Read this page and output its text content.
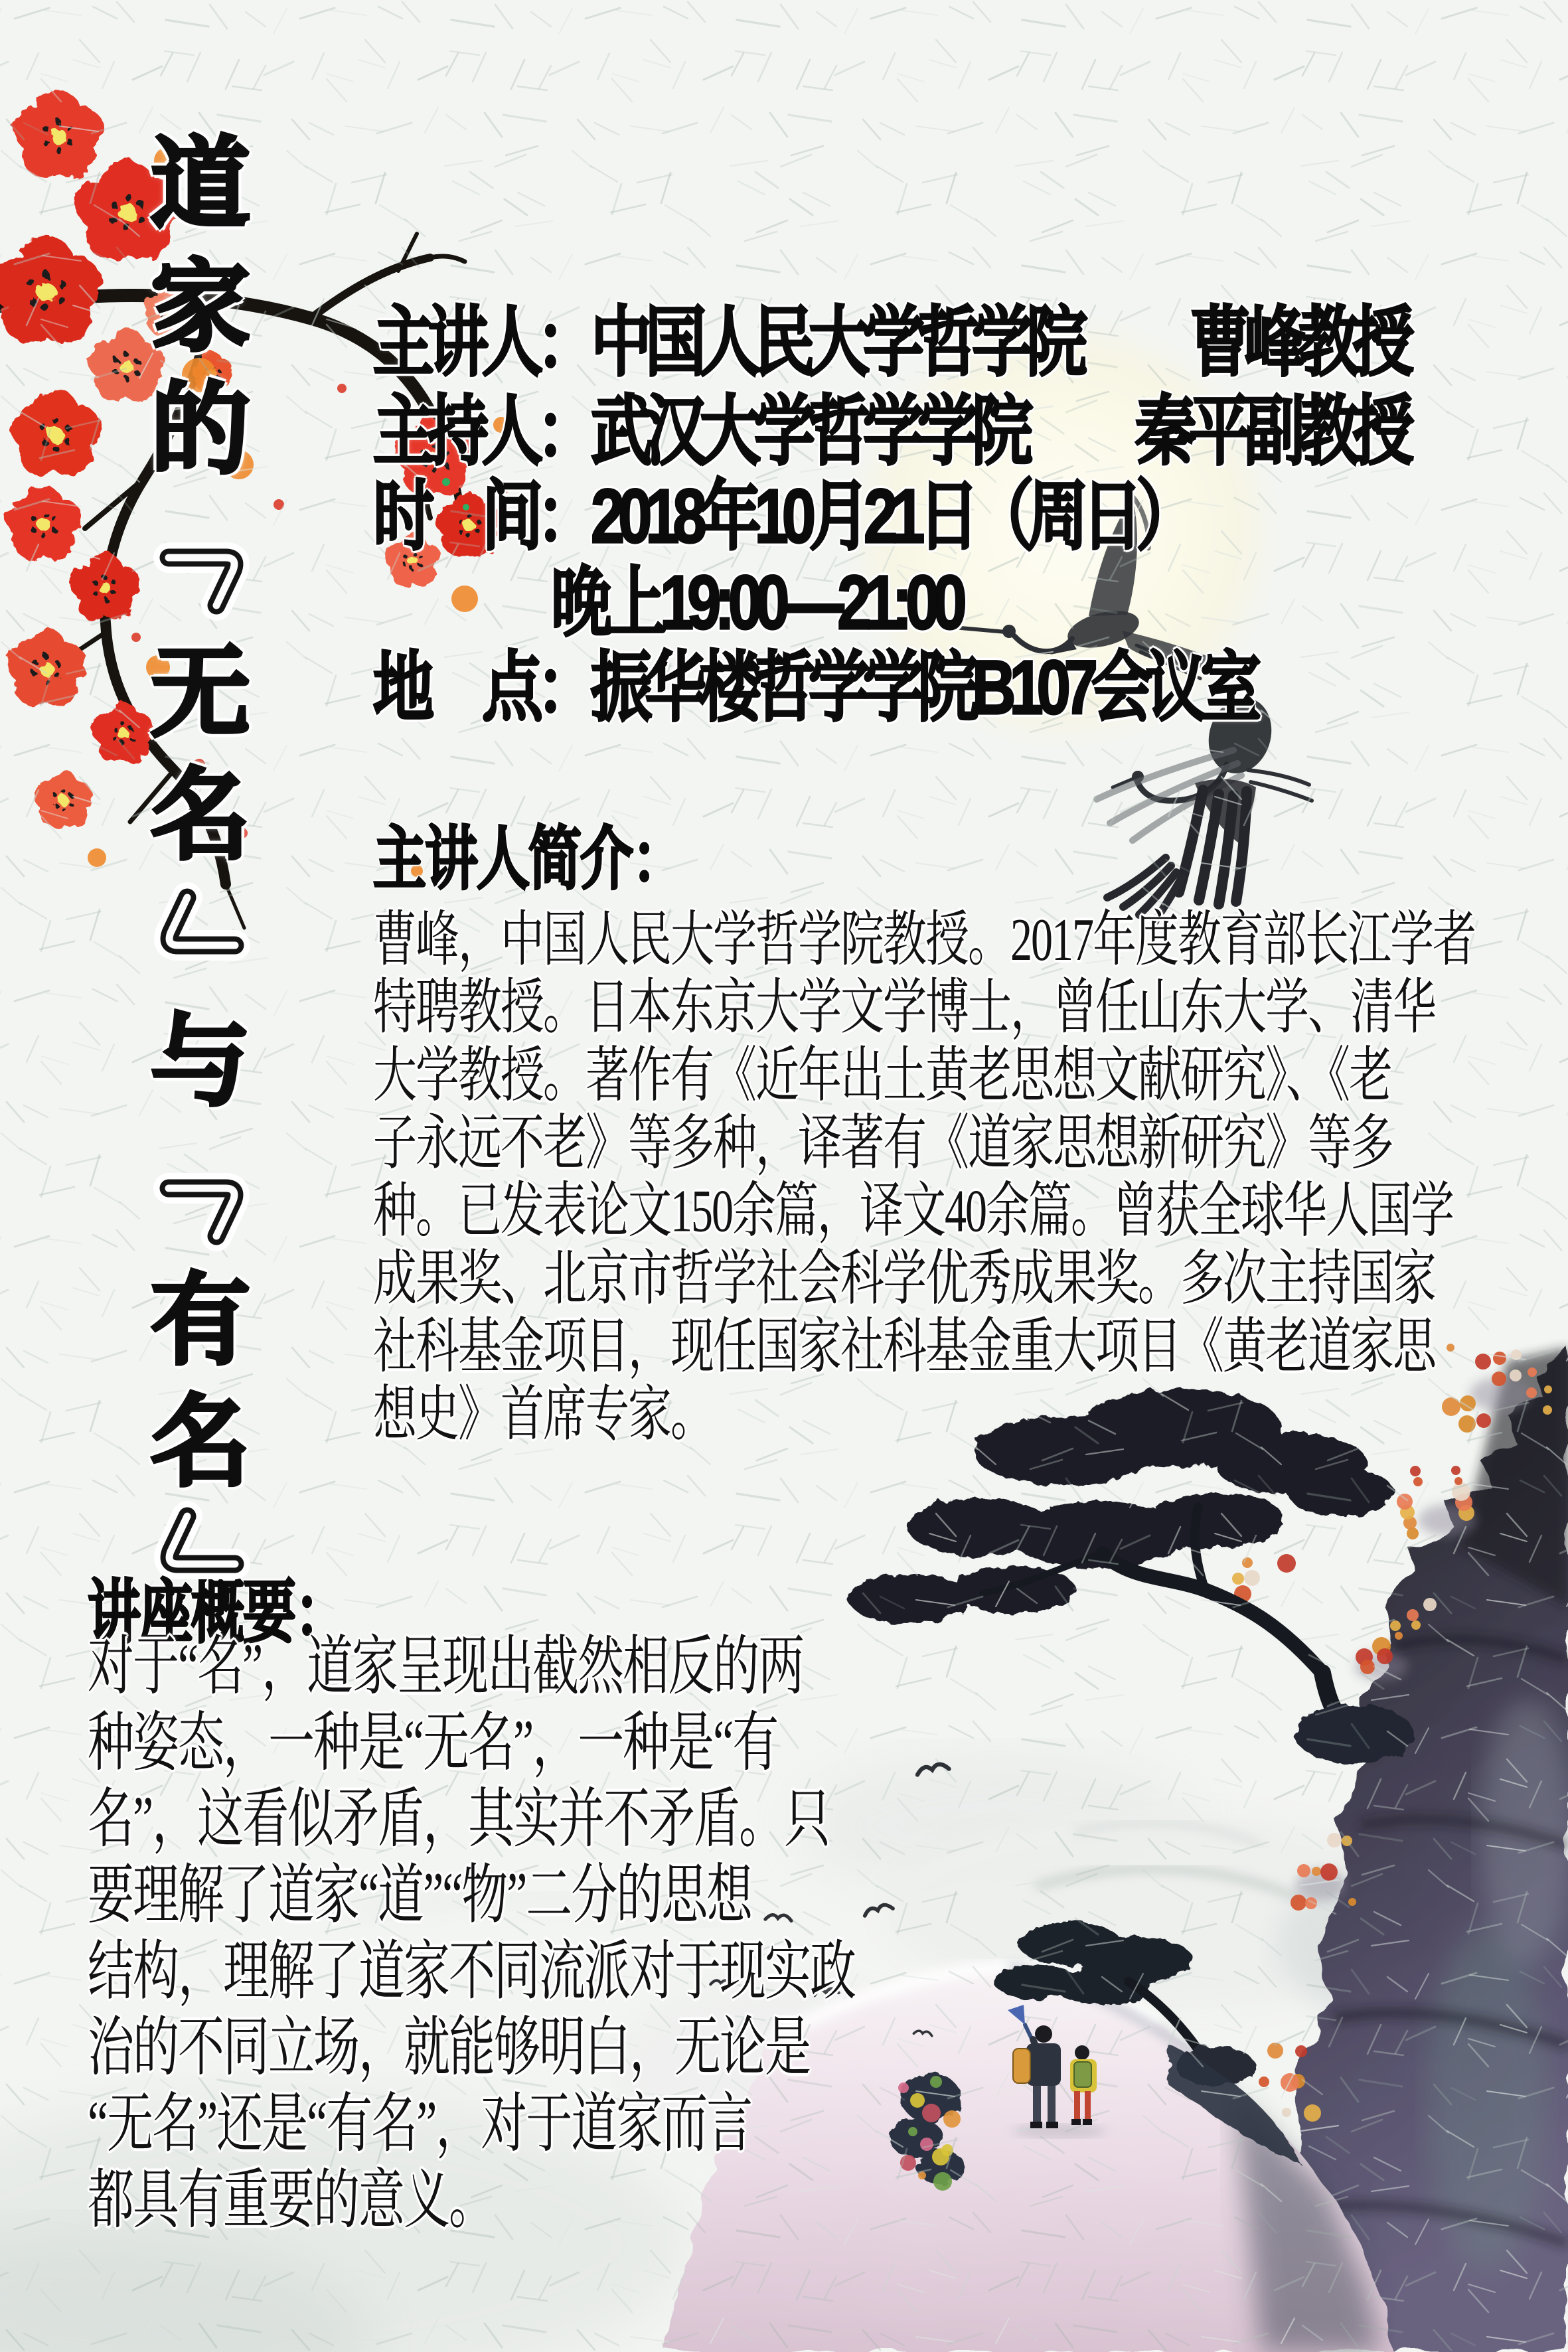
道
家
的
无
名
与
有
名
主讲人：中国人民大学哲学院　　曹峰教授
主持人：武汉大学哲学学院　　秦平副教授
时　间：2018年10月21日（周日）
晚上19:00—21:00
地　点：振华楼哲学学院B107会议室
主讲人简介：
曹峰，中国人民大学哲学院教授。2017年度教育部长江学者
特聘教授。日本东京大学文学博士，曾任山东大学、清华
大学教授。著作有《近年出土黄老思想文献研究》、《老
子永远不老》等多种，译著有《道家思想新研究》等多
种。已发表论文150余篇，译文40余篇。曾获全球华人国学
成果奖、北京市哲学社会科学优秀成果奖。多次主持国家
社科基金项目，现任国家社科基金重大项目《黄老道家思
想史》首席专家。
讲座概要：
对于“名”，道家呈现出截然相反的两
种姿态，一种是“无名”，一种是“有
名”，这看似矛盾，其实并不矛盾。只
要理解了道家“道”“物”二分的思想
结构，理解了道家不同流派对于现实政
治的不同立场，就能够明白，无论是
“无名”还是“有名”，对于道家而言
都具有重要的意义。
